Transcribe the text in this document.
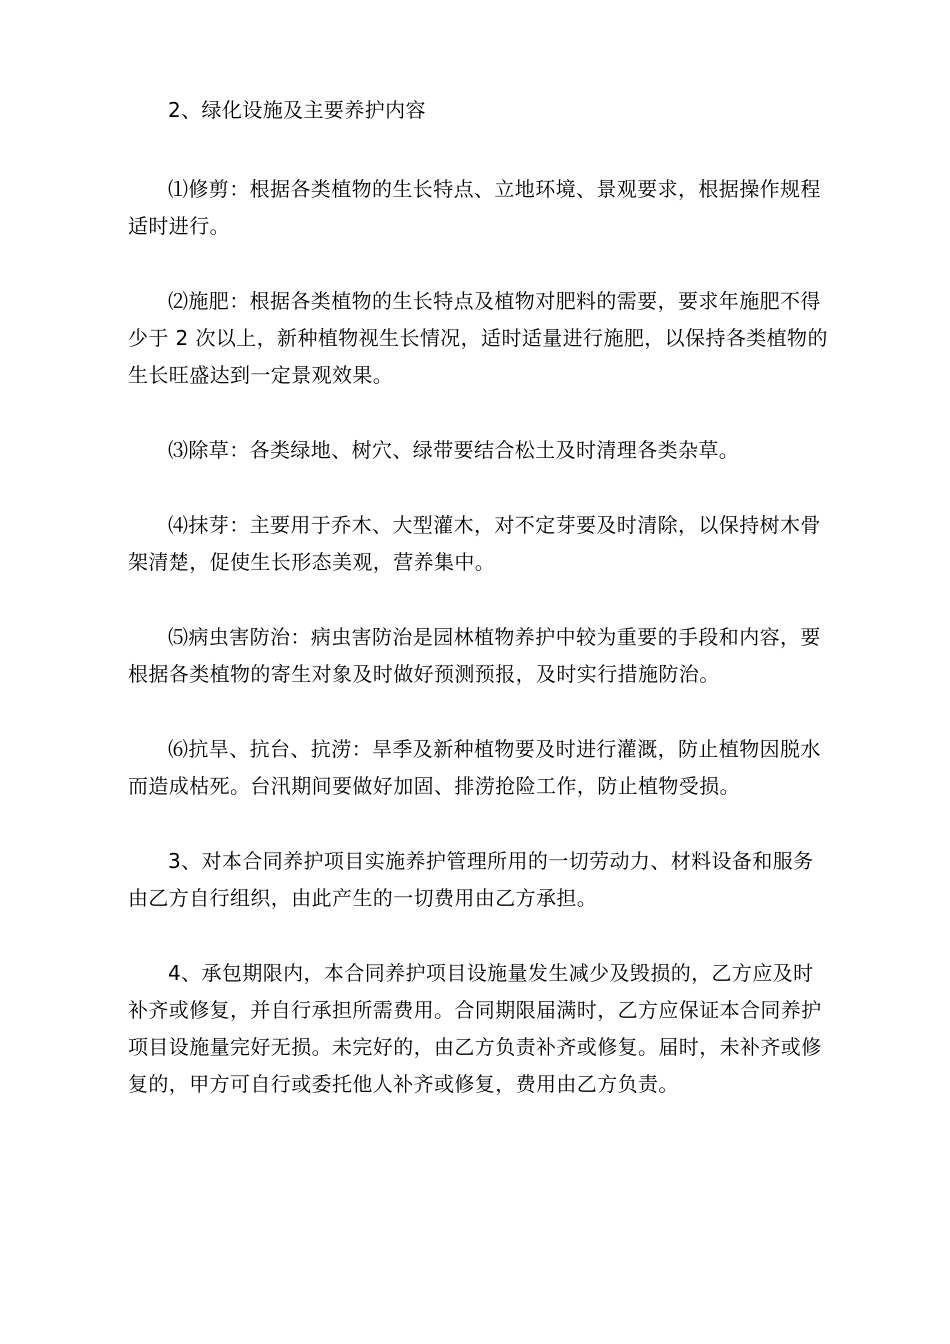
2、绿化设施及主要养护内容

⑴修剪：根据各类植物的生长特点、立地环境、景观要求，根据操作规程适时进行。

⑵施肥：根据各类植物的生长特点及植物对肥料的需要，要求年施肥不得少于 2 次以上，新种植物视生长情况，适时适量进行施肥，以保持各类植物的生长旺盛达到一定景观效果。

⑶除草：各类绿地、树穴、绿带要结合松土及时清理各类杂草。

⑷抹芽：主要用于乔木、大型灌木，对不定芽要及时清除，以保持树木骨架清楚，促使生长形态美观，营养集中。

⑸病虫害防治：病虫害防治是园林植物养护中较为重要的手段和内容，要根据各类植物的寄生对象及时做好预测预报，及时实行措施防治。

⑹抗旱、抗台、抗涝：旱季及新种植物要及时进行灌溉，防止植物因脱水而造成枯死。台汛期间要做好加固、排涝抢险工作，防止植物受损。

3、对本合同养护项目实施养护管理所用的一切劳动力、材料设备和服务由乙方自行组织，由此产生的一切费用由乙方承担。

4、承包期限内，本合同养护项目设施量发生减少及毁损的，乙方应及时补齐或修复，并自行承担所需费用。合同期限届满时，乙方应保证本合同养护项目设施量完好无损。未完好的，由乙方负责补齐或修复。届时，未补齐或修复的，甲方可自行或委托他人补齐或修复，费用由乙方负责。
